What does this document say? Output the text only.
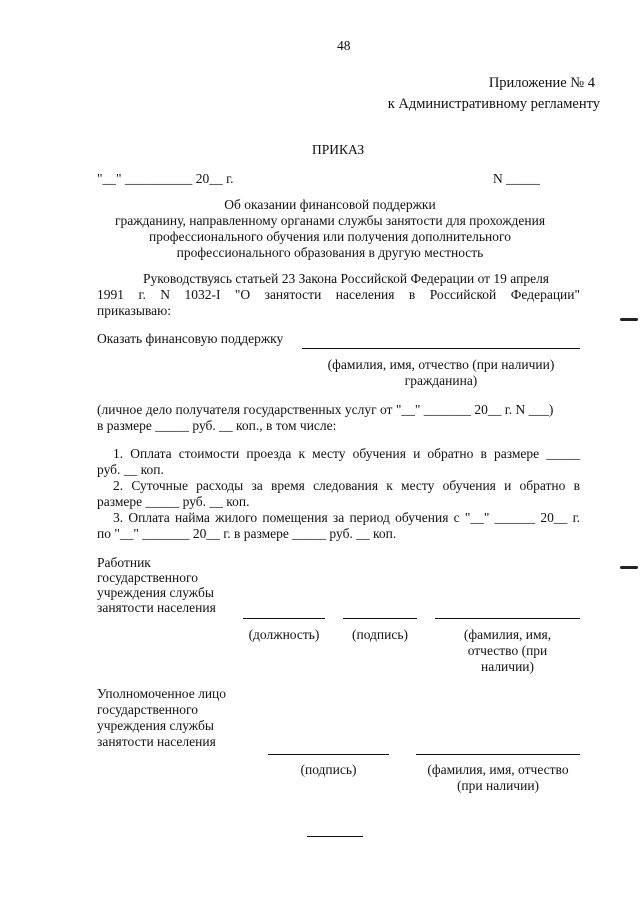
48
Приложение № 4
к Административному регламенту
ПРИКАЗ
"__" __________ 20__ г.	N _____
Об оказании финансовой поддержки
гражданину, направленному органами службы занятости для прохождения
профессионального обучения или получения дополнительного
профессионального образования в другую местность
Руководствуясь статьей 23 Закона Российской Федерации от 19 апреля
1991 г. N 1032-I "О занятости населения в Российской Федерации"
приказываю:
Оказать финансовую поддержку
(фамилия, имя, отчество (при наличии)
гражданина)
(личное дело получателя государственных услуг от "__" _______ 20__ г. N ___)
в размере _____ руб. __ коп., в том числе:
1. Оплата стоимости проезда к месту обучения и обратно в размере _____
руб. __ коп.
2. Суточные расходы за время следования к месту обучения и обратно в
размере _____ руб. __ коп.
3. Оплата найма жилого помещения за период обучения с "__" ______ 20__ г.
по "__" _______ 20__ г. в размере _____ руб. __ коп.
Работник
государственного
учреждения службы
занятости населения
(должность)	(подпись)	(фамилия, имя,
отчество (при
наличии)
Уполномоченное лицо
государственного
учреждения службы
занятости населения
(подпись)	(фамилия, имя, отчество
(при наличии)
